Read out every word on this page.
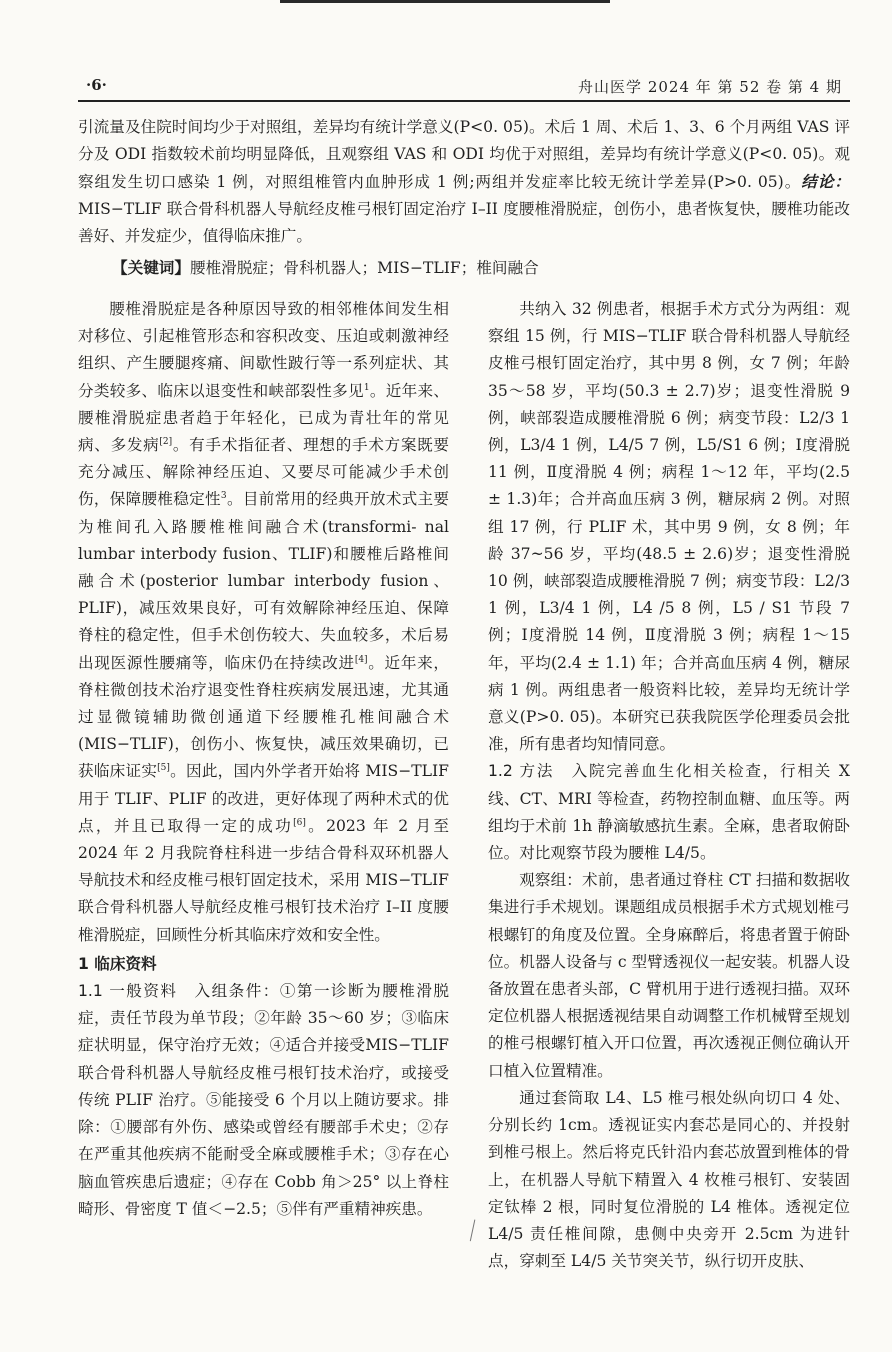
·6·	舟山医学 2024 年 第 52 卷 第 4 期

引流量及住院时间均少于对照组，差异均有统计学意义(P<0. 05)。术后 1 周、术后 1、3、6 个月两组 VAS 评分及 ODI 指数较术前均明显降低，且观察组 VAS 和 ODI 均优于对照组，差异均有统计学意义(P<0. 05)。观察组发生切口感染 1 例，对照组椎管内血肿形成 1 例;两组并发症率比较无统计学差异(P>0. 05)。结论：MIS−TLIF 联合骨科机器人导航经皮椎弓根钉固定治疗 I–II 度腰椎滑脱症，创伤小，患者恢复快，腰椎功能改善好、并发症少，值得临床推广。

【关键词】腰椎滑脱症；骨科机器人；MIS−TLIF；椎间融合

腰椎滑脱症是各种原因导致的相邻椎体间发生相对移位、引起椎管形态和容积改变、压迫或刺激神经组织、产生腰腿疼痛、间歇性跛行等一系列症状、其分类较多、临床以退变性和峡部裂性多见$^1$。近年来、腰椎滑脱症患者趋于年轻化，已成为青壮年的常见病、多发病[2]。有手术指征者、理想的手术方案既要充分减压、解除神经压迫、又要尽可能减少手术创伤，保障腰椎稳定性$^3$。目前常用的经典开放术式主要为椎间孔入路腰椎椎间融合术(transformi- nal lumbar interbody fusion、TLIF)和腰椎后路椎间融合术(posterior lumbar interbody fusion、PLIF)，减压效果良好，可有效解除神经压迫、保障脊柱的稳定性，但手术创伤较大、失血较多，术后易出现医源性腰痛等，临床仍在持续改进[4]。近年来，脊柱微创技术治疗退变性脊柱疾病发展迅速，尤其通过显微镜辅助微创通道下经腰椎孔椎间融合术(MIS−TLIF)，创伤小、恢复快，减压效果确切，已获临床证实[5]。因此，国内外学者开始将 MIS−TLIF 用于 TLIF、PLIF 的改进，更好体现了两种术式的优点，并且已取得一定的成功[6]。2023 年 2 月至 2024 年 2 月我院脊柱科进一步结合骨科双环机器人导航技术和经皮椎弓根钉固定技术，采用 MIS−TLIF 联合骨科机器人导航经皮椎弓根钉技术治疗 I–II 度腰椎滑脱症，回顾性分析其临床疗效和安全性。

1 临床资料

1.1 一般资料　 入组条件：①第一诊断为腰椎滑脱症，责任节段为单节段；②年龄 35～60 岁；③临床症状明显，保守治疗无效；④适合并接受MIS−TLIF 联合骨科机器人导航经皮椎弓根钉技术治疗，或接受传统 PLIF 治疗。⑤能接受 6 个月以上随访要求。排除：①腰部有外伤、感染或曾经有腰部手术史；②存在严重其他疾病不能耐受全麻或腰椎手术；③存在心脑血管疾患后遗症；④存在 Cobb 角＞25° 以上脊柱畸形、骨密度 T 值＜−2.5；⑤伴有严重精神疾患。

共纳入 32 例患者，根据手术方式分为两组：观察组 15 例，行 MIS−TLIF 联合骨科机器人导航经皮椎弓根钉固定治疗，其中男 8 例，女 7 例；年龄 35～58 岁，平均(50.3 ± 2.7)岁；退变性滑脱 9 例，峡部裂造成腰椎滑脱 6 例；病变节段：L2/3 1 例，L3/4 1 例，L4/5 7 例，L5/S1 6 例；Ⅰ度滑脱 11 例，Ⅱ度滑脱 4 例；病程 1～12 年，平均(2.5 ± 1.3)年；合并高血压病 3 例，糖尿病 2 例。对照组 17 例，行 PLIF 术，其中男 9 例，女 8 例；年龄 37~56 岁，平均(48.5 ± 2.6)岁；退变性滑脱 10 例，峡部裂造成腰椎滑脱 7 例；病变节段：L2/3 1 例，L3/4 1 例，L4 /5 8 例，L5 / S1 节段 7 例；Ⅰ度滑脱 14 例，Ⅱ度滑脱 3 例；病程 1～15 年，平均(2.4 ± 1.1) 年；合并高血压病 4 例，糖尿病 1 例。两组患者一般资料比较，差异均无统计学意义(P>0. 05)。本研究已获我院医学伦理委员会批准，所有患者均知情同意。

1.2 方法　 入院完善血生化相关检查，行相关 X 线、CT、MRI 等检查，药物控制血糖、血压等。两组均于术前 1h 静滴敏感抗生素。全麻，患者取俯卧位。对比观察节段为腰椎 L4/5。

观察组：术前，患者通过脊柱 CT 扫描和数据收集进行手术规划。课题组成员根据手术方式规划椎弓根螺钉的角度及位置。全身麻醉后，将患者置于俯卧位。机器人设备与 c 型臂透视仪一起安装。机器人设备放置在患者头部，C 臂机用于进行透视扫描。双环定位机器人根据透视结果自动调整工作机械臂至规划的椎弓根螺钉植入开口位置，再次透视正侧位确认开口植入位置精准。

通过套筒取 L4、L5 椎弓根处纵向切口 4 处、分别长约 1cm。透视证实内套芯是同心的、并投射到椎弓根上。然后将克氏针沿内套芯放置到椎体的骨上，在机器人导航下精置入 4 枚椎弓根钉、安装固定钛棒 2 根，同时复位滑脱的 L4 椎体。透视定位 L4/5 责任椎间隙，患侧中央旁开 2.5cm 为进针点，穿刺至 L4/5 关节突关节，纵行切开皮肤、
